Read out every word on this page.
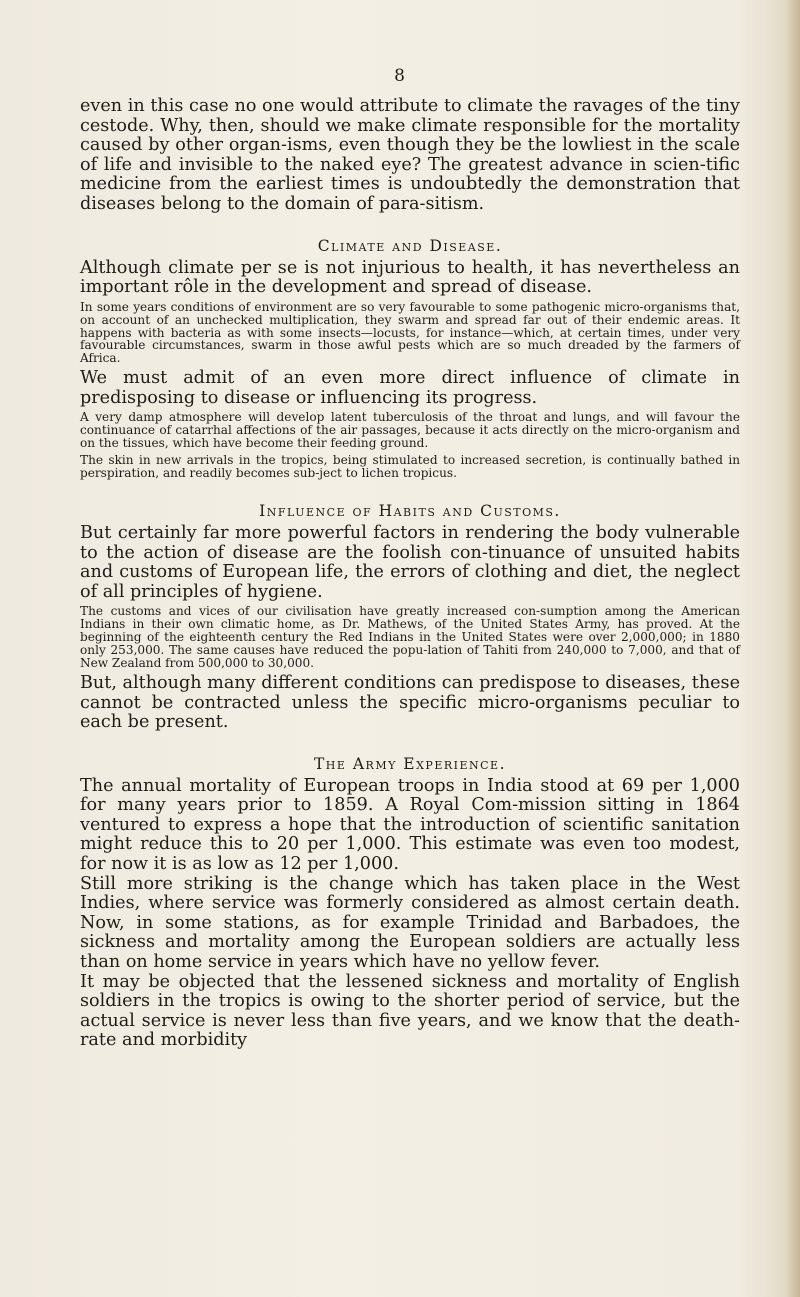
8

even in this case no one would attribute to climate the ravages of the tiny cestode. Why, then, should we make climate responsible for the mortality caused by other organ-isms, even though they be the lowliest in the scale of life and invisible to the naked eye? The greatest advance in scien-tific medicine from the earliest times is undoubtedly the demonstration that diseases belong to the domain of para-sitism.

Climate and Disease.

Although climate per se is not injurious to health, it has nevertheless an important rôle in the development and spread of disease.

In some years conditions of environment are so very favourable to some pathogenic micro-organisms that, on account of an unchecked multiplication, they swarm and spread far out of their endemic areas. It happens with bacteria as with some insects—locusts, for instance—which, at certain times, under very favourable circumstances, swarm in those awful pests which are so much dreaded by the farmers of Africa.

We must admit of an even more direct influence of climate in predisposing to disease or influencing its progress.

A very damp atmosphere will develop latent tuberculosis of the throat and lungs, and will favour the continuance of catarrhal affections of the air passages, because it acts directly on the micro-organism and on the tissues, which have become their feeding ground.

The skin in new arrivals in the tropics, being stimulated to increased secretion, is continually bathed in perspiration, and readily becomes sub-ject to lichen tropicus.

Influence of Habits and Customs.

But certainly far more powerful factors in rendering the body vulnerable to the action of disease are the foolish con-tinuance of unsuited habits and customs of European life, the errors of clothing and diet, the neglect of all principles of hygiene.

The customs and vices of our civilisation have greatly increased con-sumption among the American Indians in their own climatic home, as Dr. Mathews, of the United States Army, has proved. At the beginning of the eighteenth century the Red Indians in the United States were over 2,000,000; in 1880 only 253,000. The same causes have reduced the popu-lation of Tahiti from 240,000 to 7,000, and that of New Zealand from 500,000 to 30,000.

But, although many different conditions can predispose to diseases, these cannot be contracted unless the specific micro-organisms peculiar to each be present.

The Army Experience.

The annual mortality of European troops in India stood at 69 per 1,000 for many years prior to 1859. A Royal Com-mission sitting in 1864 ventured to express a hope that the introduction of scientific sanitation might reduce this to 20 per 1,000. This estimate was even too modest, for now it is as low as 12 per 1,000.

Still more striking is the change which has taken place in the West Indies, where service was formerly considered as almost certain death. Now, in some stations, as for example Trinidad and Barbadoes, the sickness and mortality among the European soldiers are actually less than on home service in years which have no yellow fever.

It may be objected that the lessened sickness and mortality of English soldiers in the tropics is owing to the shorter period of service, but the actual service is never less than five years, and we know that the death-rate and morbidity
